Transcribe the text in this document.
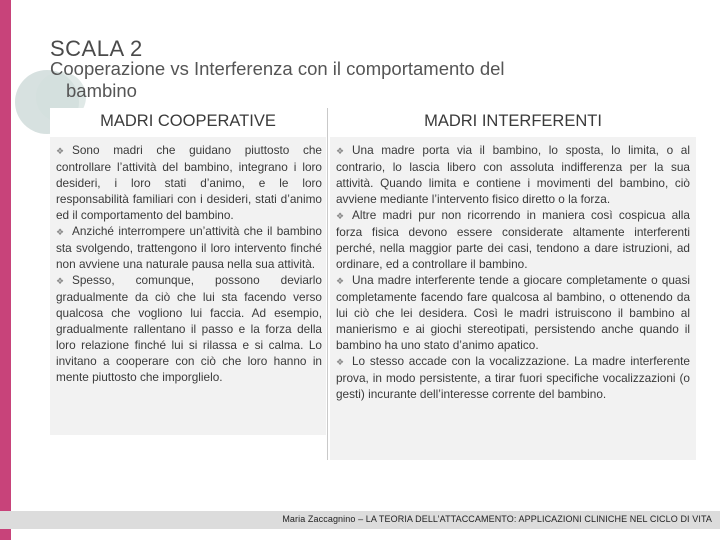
SCALA 2
Cooperazione vs Interferenza con il comportamento del
bambino
MADRI COOPERATIVE

❖ Sono madri che guidano piuttosto che controllare l’attività del bambino, integrano i loro desideri, i loro stati d’animo, e le loro responsabilità familiari con i desideri, stati d’animo ed il comportamento del bambino.

❖ Anziché interrompere un’attività che il bambino sta svolgendo, trattengono il loro intervento finché non avviene una naturale pausa nella sua attività.

❖ Spesso, comunque, possono deviarlo gradualmente da ciò che lui sta facendo verso qualcosa che vogliono lui faccia. Ad esempio, gradualmente rallentano il passo e la forza della loro relazione finché lui si rilassa e si calma. Lo invitano a cooperare con ciò che loro hanno in mente piuttosto che imporglielo.

MADRI INTERFERENTI

❖ Una madre porta via il bambino, lo sposta, lo limita, o al contrario, lo lascia libero con assoluta indifferenza per la sua attività. Quando limita e contiene i movimenti del bambino, ciò avviene mediante l’intervento fisico diretto o la forza.

❖ Altre madri pur non ricorrendo in maniera così cospicua alla forza fisica devono essere considerate altamente interferenti perché, nella maggior parte dei casi, tendono a dare istruzioni, ad ordinare, ed a controllare il bambino.

❖ Una madre interferente tende a giocare completamente o quasi completamente facendo fare qualcosa al bambino, o ottenendo da lui ciò che lei desidera. Così le madri istruiscono il bambino al manierismo e ai giochi stereotipati, persistendo anche quando il bambino ha uno stato d’animo apatico.

❖ Lo stesso accade con la vocalizzazione. La madre interferente prova, in modo persistente, a tirar fuori specifiche vocalizzazioni (o gesti) incurante dell’interesse corrente del bambino.

Maria Zaccagnino – LA TEORIA DELL’ATTACCAMENTO: APPLICAZIONI CLINICHE NEL CICLO DI VITA
